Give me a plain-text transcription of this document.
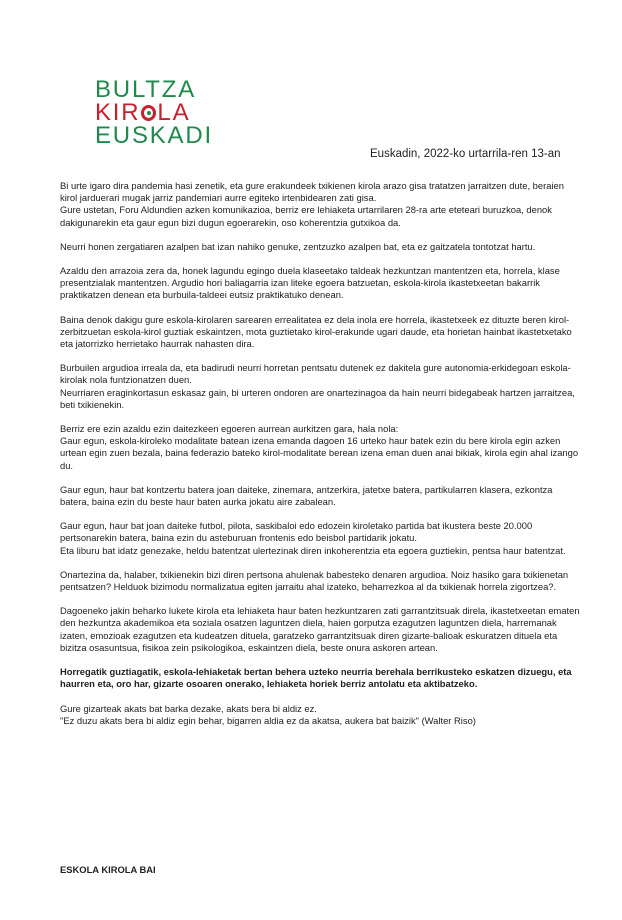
BULTZA
KIR LA
EUSKADI
Euskadin, 2022-ko urtarrila-ren 13-an

Bi urte igaro dira pandemia hasi zenetik, eta gure erakundeek txikienen kirola arazo gisa tratatzen jarraitzen dute, beraien kirol jarduerari mugak jarriz pandemiari aurre egiteko irtenbidearen zati gisa.
Gure ustetan, Foru Aldundien azken komunikazioa, berriz ere lehiaketa urtarrilaren 28-ra arte eteteari buruzkoa, denok dakigunarekin eta gaur egun bizi dugun egoerarekin, oso koherentzia gutxikoa da.

Neurri honen zergatiaren azalpen bat izan nahiko genuke, zentzuzko azalpen bat, eta ez gaitzatela tontotzat hartu.

Azaldu den arrazoia zera da, honek lagundu egingo duela klaseetako taldeak hezkuntzan mantentzen eta, horrela, klase presentzialak mantentzen. Argudio hori baliagarria izan liteke egoera batzuetan, eskola-kirola ikastetxeetan bakarrik praktikatzen denean eta burbuila-taldeei eutsiz praktikatuko denean.

Baina denok dakigu gure eskola-kirolaren sarearen errealitatea ez dela inola ere horrela, ikastetxeek ez dituzte beren kirol-zerbitzuetan eskola-kirol guztiak eskaintzen, mota guztietako kirol-erakunde ugari daude, eta horietan hainbat ikastetxetako eta jatorrizko herrietako haurrak nahasten dira.

Burbuilen argudioa irreala da, eta badirudi neurri horretan pentsatu dutenek ez dakitela gure autonomia-erkidegoan eskola-kirolak nola funtzionatzen duen.
Neurriaren eraginkortasun eskasaz gain, bi urteren ondoren are onartezinagoa da hain neurri bidegabeak hartzen jarraitzea, beti txikienekin.

Berriz ere ezin azaldu ezin daitezkeen egoeren aurrean aurkitzen gara, hala nola:
Gaur egun, eskola-kiroleko modalitate batean izena emanda dagoen 16 urteko haur batek ezin du bere kirola egin azken urtean egin zuen bezala, baina federazio bateko kirol-modalitate berean izena eman duen anai bikiak, kirola egin ahal izango du.

Gaur egun, haur bat kontzertu batera joan daiteke, zinemara, antzerkira, jatetxe batera, partikularren klasera, ezkontza batera, baina ezin du beste haur baten aurka jokatu aire zabalean.

Gaur egun, haur bat joan daiteke futbol, pilota, saskibaloi edo edozein kiroletako partida bat ikustera beste 20.000 pertsonarekin batera, baina ezin du asteburuan frontenis edo beisbol partidarik jokatu.
Eta liburu bat idatz genezake, heldu batentzat ulertezinak diren inkoherentzia eta egoera guztiekin, pentsa haur batentzat.

Onartezina da, halaber, txikienekin bizi diren pertsona ahulenak babesteko denaren argudioa. Noiz hasiko gara txikienetan pentsatzen? Helduok bizimodu normalizatua egiten jarraitu ahal izateko, beharrezkoa al da txikienak horrela zigortzea?.

Dagoeneko jakin beharko lukete kirola eta lehiaketa haur baten hezkuntzaren zati garrantzitsuak direla, ikastetxeetan ematen den hezkuntza akademikoa eta soziala osatzen laguntzen diela, haien gorputza ezagutzen laguntzen diela, harremanak izaten, emozioak ezagutzen eta kudeatzen dituela, garatzeko garrantzitsuak diren gizarte-balioak eskuratzen dituela eta bizitza osasuntsua, fisikoa zein psikologikoa, eskaintzen diela, beste onura askoren artean.

Horregatik guztiagatik, eskola-lehiaketak bertan behera uzteko neurria berehala berrikusteko eskatzen dizuegu, eta haurren eta, oro har, gizarte osoaren onerako, lehiaketa horiek berriz antolatu eta aktibatzeko.

Gure gizarteak akats bat barka dezake, akats bera bi aldiz ez.
"Ez duzu akats bera bi aldiz egin behar, bigarren aldia ez da akatsa, aukera bat baizik" (Walter Riso)

ESKOLA KIROLA BAI
